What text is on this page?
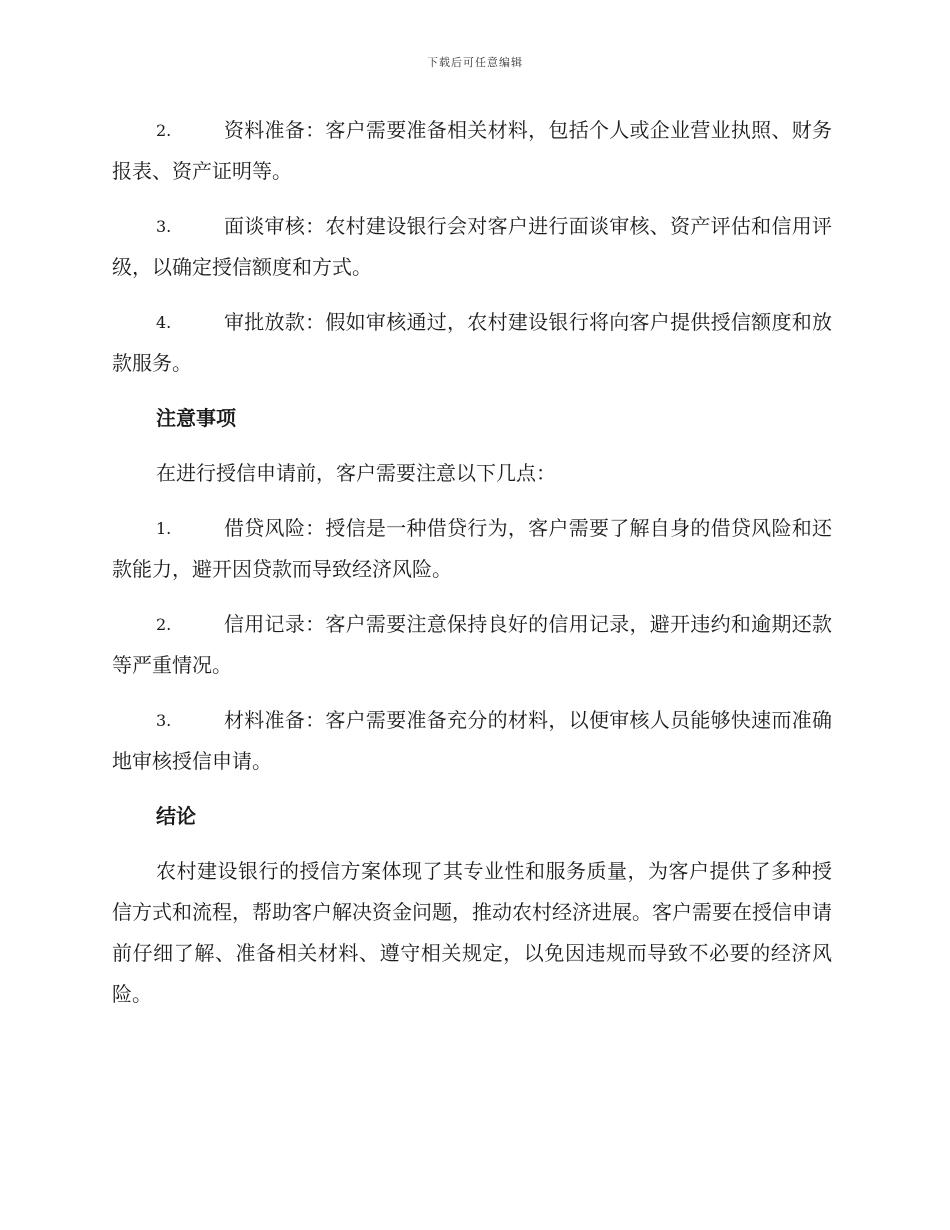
下载后可任意编辑

2.	资料准备：客户需要准备相关材料，包括个人或企业营业执照、财务报表、资产证明等。

3.	面谈审核：农村建设银行会对客户进行面谈审核、资产评估和信用评级，以确定授信额度和方式。

4.	审批放款：假如审核通过，农村建设银行将向客户提供授信额度和放款服务。

注意事项

在进行授信申请前，客户需要注意以下几点：

1.	借贷风险：授信是一种借贷行为，客户需要了解自身的借贷风险和还款能力，避开因贷款而导致经济风险。

2.	信用记录：客户需要注意保持良好的信用记录，避开违约和逾期还款等严重情况。

3.	材料准备：客户需要准备充分的材料，以便审核人员能够快速而准确地审核授信申请。

结论

农村建设银行的授信方案体现了其专业性和服务质量，为客户提供了多种授信方式和流程，帮助客户解决资金问题，推动农村经济进展。客户需要在授信申请前仔细了解、准备相关材料、遵守相关规定，以免因违规而导致不必要的经济风险。
